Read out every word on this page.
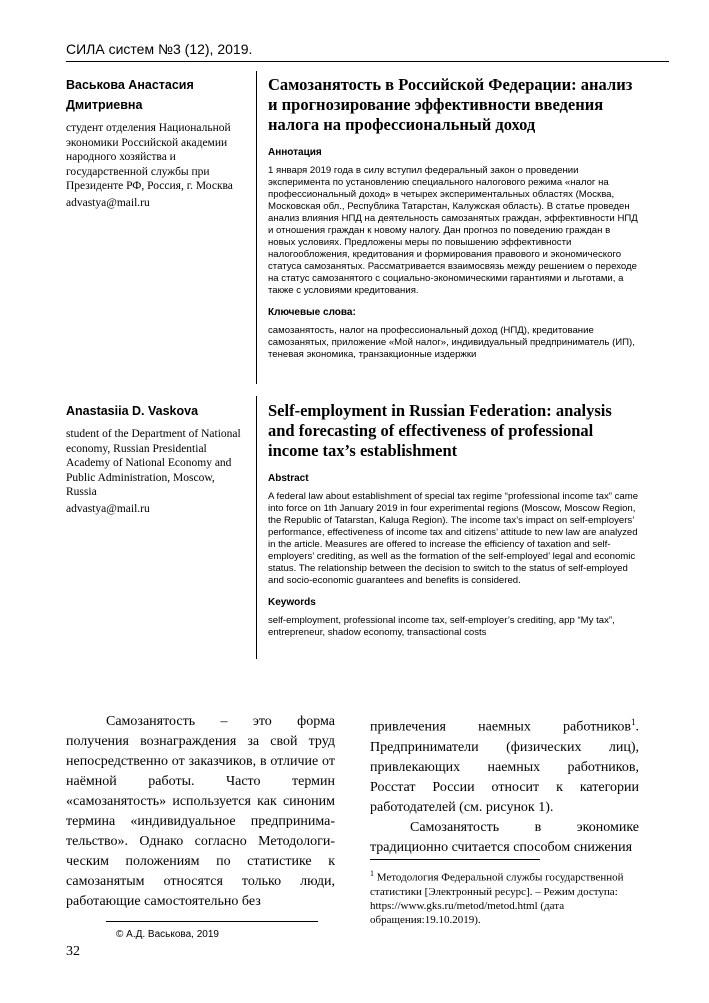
СИЛА систем №3 (12), 2019.
Васькова Анастасия Дмитриевна
студент отделения Национальной экономики Российской академии народного хозяйства и государственной службы при Президенте РФ, Россия, г. Москва
advastya@mail.ru
Самозанятость в Российской Федерации: анализ и прогнозирование эффективности введения налога на профессиональный доход
Аннотация
1 января 2019 года в силу вступил федеральный закон о проведении эксперимента по установлению специального налогового режима «налог на профессиональный доход» в четырех экспериментальных областях (Москва, Московская обл., Республика Татарстан, Калужская область). В статье проведен анализ влияния НПД на деятельность самозанятых граждан, эффективности НПД и отношения граждан к новому налогу. Дан прогноз по поведению граждан в новых условиях. Предложены меры по повышению эффективности налогообложения, кредитования и формирования правового и экономического статуса самозанятых. Рассматривается взаимосвязь между решением о переходе на статус самозанятого с социально-экономическими гарантиями и льготами, а также с условиями кредитования.
Ключевые слова:
самозанятость, налог на профессиональный доход (НПД), кредитование самозанятых, приложение «Мой налог», индивидуальный предприниматель (ИП), теневая экономика, транзакционные издержки
Anastasiia D. Vaskova
student of the Department of National economy, Russian Presidential Academy of National Economy and Public Administration, Moscow, Russia
advastya@mail.ru
Self-employment in Russian Federation: analysis and forecasting of effectiveness of professional income tax’s establishment
Abstract
A federal law about establishment of special tax regime “professional income tax” came into force on 1th January 2019 in four experimental regions (Moscow, Moscow Region, the Republic of Tatarstan, Kaluga Region). The income tax’s impact on self-employers’ performance, effectiveness of income tax and citizens’ attitude to new law are analyzed in the article. Measures are offered to increase the efficiency of taxation and self-employers’ crediting, as well as the formation of the self-employed’ legal and economic status. The relationship between the decision to switch to the status of self-employed and socio-economic guarantees and benefits is considered.
Keywords
self-employment, professional income tax, self-employer’s crediting, app “My tax”, entrepreneur, shadow economy, transactional costs
Самозанятость – это форма получения вознаграждения за свой труд непосредственно от заказчиков, в отличие от наёмной работы. Часто термин «самозанятость» используется как синоним термина «индивидуальное предпринима-тельство». Однако согласно Методологи-ческим положениям по статистике к самозанятым относятся только люди, работающие самостоятельно без
привлечения наемных работников$^1$. Предприниматели (физических лиц), привлекающих наемных работников, Росстат России относит к категории работодателей (см. рисунок 1).
Самозанятость в экономике традиционно считается способом снижения
$^1$ Методология Федеральной службы государственной статистики [Электронный ресурс]. – Режим доступа: https://www.gks.ru/metod/metod.html (дата обращения:19.10.2019).
© А.Д. Васькова, 2019
32
